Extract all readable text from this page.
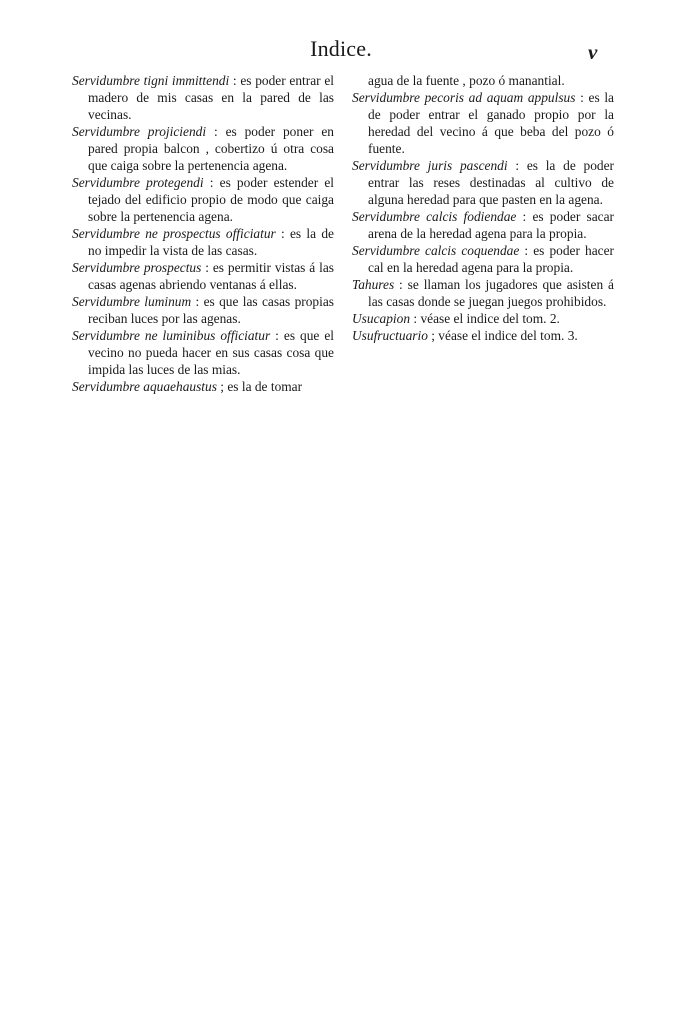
Indice.	v

Servidumbre tigni immittendi : es poder entrar el madero de mis casas en la pared de las vecinas.

Servidumbre projiciendi : es poder poner en pared propia balcon , cobertizo ú otra cosa que caiga sobre la pertenencia agena.

Servidumbre protegendi : es poder estender el tejado del edificio propio de modo que caiga sobre la pertenencia agena.

Servidumbre ne prospectus officiatur : es la de no impedir la vista de las casas.

Servidumbre prospectus : es permitir vistas á las casas agenas abriendo ventanas á ellas.

Servidumbre luminum : es que las casas propias reciban luces por las agenas.

Servidumbre ne luminibus officiatur : es que el vecino no pueda hacer en sus casas cosa que impida las luces de las mias.

Servidumbre aquaehaustus ; es la de tomar

agua de la fuente , pozo ó manantial.

Servidumbre pecoris ad aquam appulsus : es la de poder entrar el ganado propio por la heredad del vecino á que beba del pozo ó fuente.

Servidumbre juris pascendi : es la de poder entrar las reses destinadas al cultivo de alguna heredad para que pasten en la agena.

Servidumbre calcis fodiendae : es poder sacar arena de la heredad agena para la propia.

Servidumbre calcis coquendae : es poder hacer cal en la heredad agena para la propia.

Tahures : se llaman los jugadores que asisten á las casas donde se juegan juegos prohibidos.

Usucapion : véase el indice del tom. 2.

Usufructuario ; véase el indice del tom. 3.
